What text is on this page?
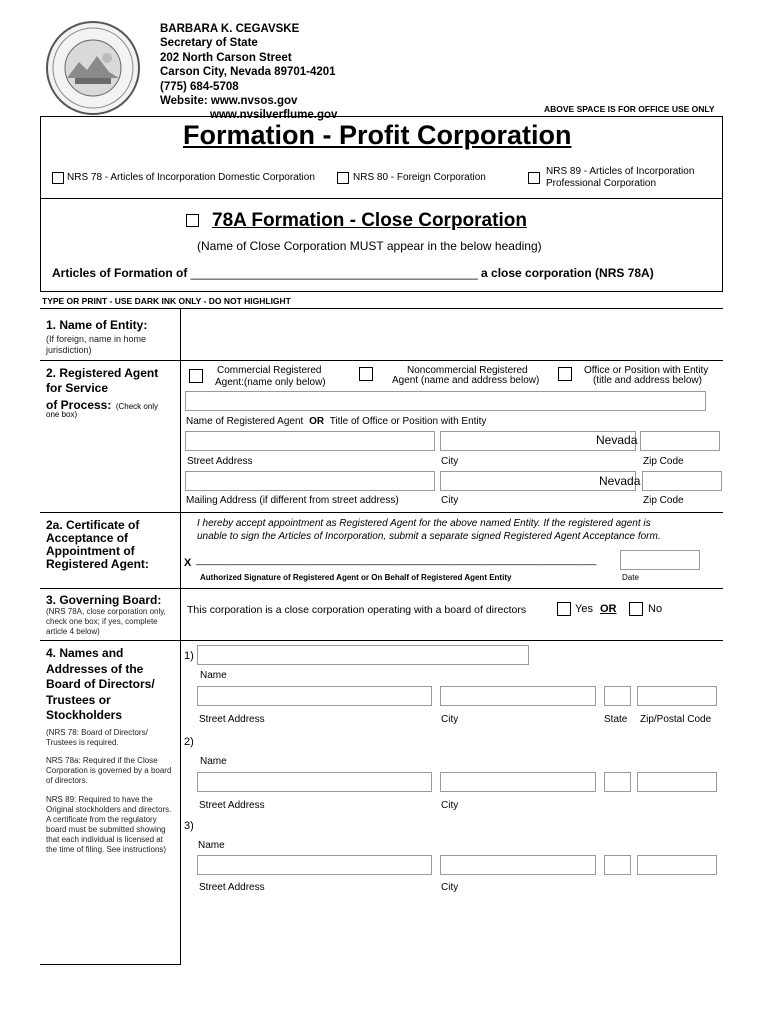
BARBARA K. CEGAVSKE
Secretary of State
202 North Carson Street
Carson City, Nevada 89701-4201
(775) 684-5708
Website: www.nvsos.gov
www.nvsilverflume.gov
ABOVE SPACE IS FOR OFFICE USE ONLY
Formation - Profit Corporation
NRS 78 - Articles of Incorporation Domestic Corporation	NRS 80 - Foreign Corporation
NRS 89 - Articles of Incorporation
Professional Corporation
78A Formation - Close Corporation
(Name of Close Corporation MUST appear in the below heading)
Articles of Formation of ___________________________________________ a close corporation (NRS 78A)
TYPE OR PRINT - USE DARK INK ONLY - DO NOT HIGHLIGHT
1. Name of Entity:
(If foreign, name in home jurisdiction)
2. Registered Agent
for Service
of Process: (Check only
one box)
Commercial Registered
Agent:(name only below)
Noncommercial Registered
Agent (name and address below)
Office or Position with Entity
(title and address below)
Name of Registered Agent OR Title of Office or Position with Entity
Nevada
Street Address	City	Zip Code
Nevada
Mailing Address (if different from street address)	City	Zip Code
2a. Certificate of
Acceptance of
Appointment of
Registered Agent:
I hereby accept appointment as Registered Agent for the above named Entity. If the registered agent is
unable to sign the Articles of Incorporation, submit a separate signed Registered Agent Acceptance form.
X ________________________________________________________________________
Authorized Signature of Registered Agent or On Behalf of Registered Agent Entity	Date
3. Governing Board:
(NRS 78A, close corporation only, check one box; if yes, complete article 4 below)
This corporation is a close corporation operating with a board of directors	Yes OR	No
4. Names and
Addresses of the
Board of Directors/
Trustees or
Stockholders
(NRS 78: Board of Directors/ Trustees is required.
NRS 78a: Required if the Close Corporation is governed by a board of directors.
NRS 89: Required to have the Original stockholders and directors. A certificate from the regulatory board must be submitted showing that each individual is licensed at the time of filing. See instructions)
1)
Name
Street Address	City	State Zip/Postal Code
2)
Name
Street Address	City
3)
Name
Street Address	City
